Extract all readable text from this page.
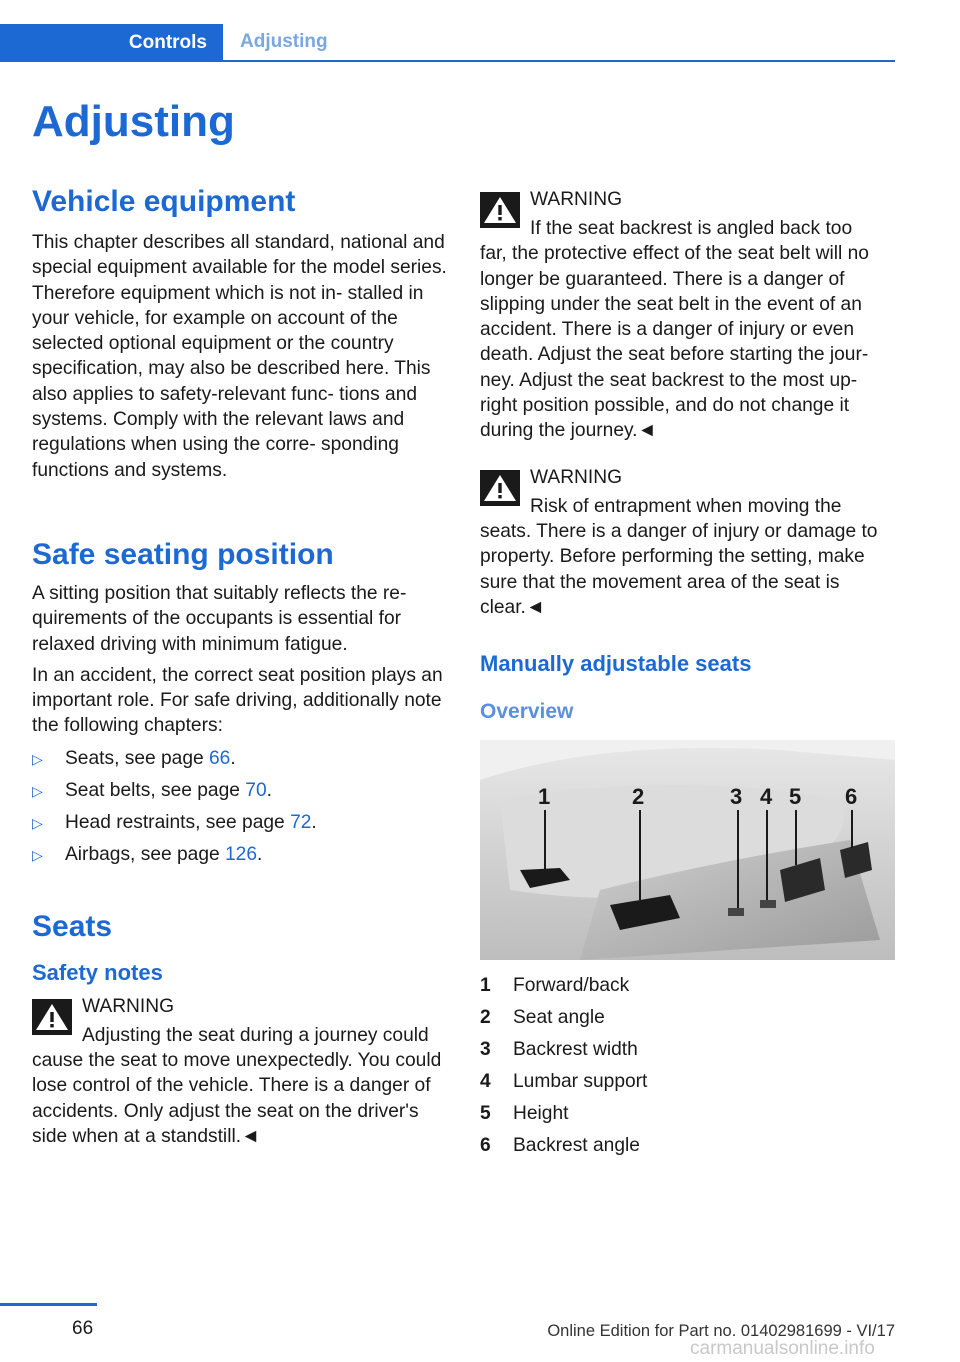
Controls	Adjusting
Adjusting
Vehicle equipment

This chapter describes all standard, national and special equipment available for the model series. Therefore equipment which is not in- stalled in your vehicle, for example on account of the selected optional equipment or the country specification, may also be described here. This also applies to safety-relevant func- tions and systems. Comply with the relevant laws and regulations when using the corre- sponding functions and systems.

Safe seating position

A sitting position that suitably reflects the re- quirements of the occupants is essential for relaxed driving with minimum fatigue.

In an accident, the correct seat position plays an important role. For safe driving, additionally note the following chapters:

▷ Seats, see page 66.
▷ Seat belts, see page 70.
▷ Head restraints, see page 72.
▷ Airbags, see page 126.
Seats
Safety notes
WARNING
Adjusting the seat during a journey could

cause the seat to move unexpectedly. You could lose control of the vehicle. There is a danger of accidents. Only adjust the seat on the driver's side when at a standstill.◄

WARNING
If the seat backrest is angled back too

far, the protective effect of the seat belt will no longer be guaranteed. There is a danger of slipping under the seat belt in the event of an accident. There is a danger of injury or even death. Adjust the seat before starting the jour- ney. Adjust the seat backrest to the most up- right position possible, and do not change it during the journey.◄

WARNING
Risk of entrapment when moving the

seats. There is a danger of injury or damage to property. Before performing the setting, make sure that the movement area of the seat is clear.◄

Manually adjustable seats
Overview
1	2	3 4 5 6
1 Forward/back
2 Seat angle
3 Backrest width
4 Lumbar support
5 Height
6 Backrest angle
66	Online Edition for Part no. 01402981699 - VI/17
carmanualsonline.info
